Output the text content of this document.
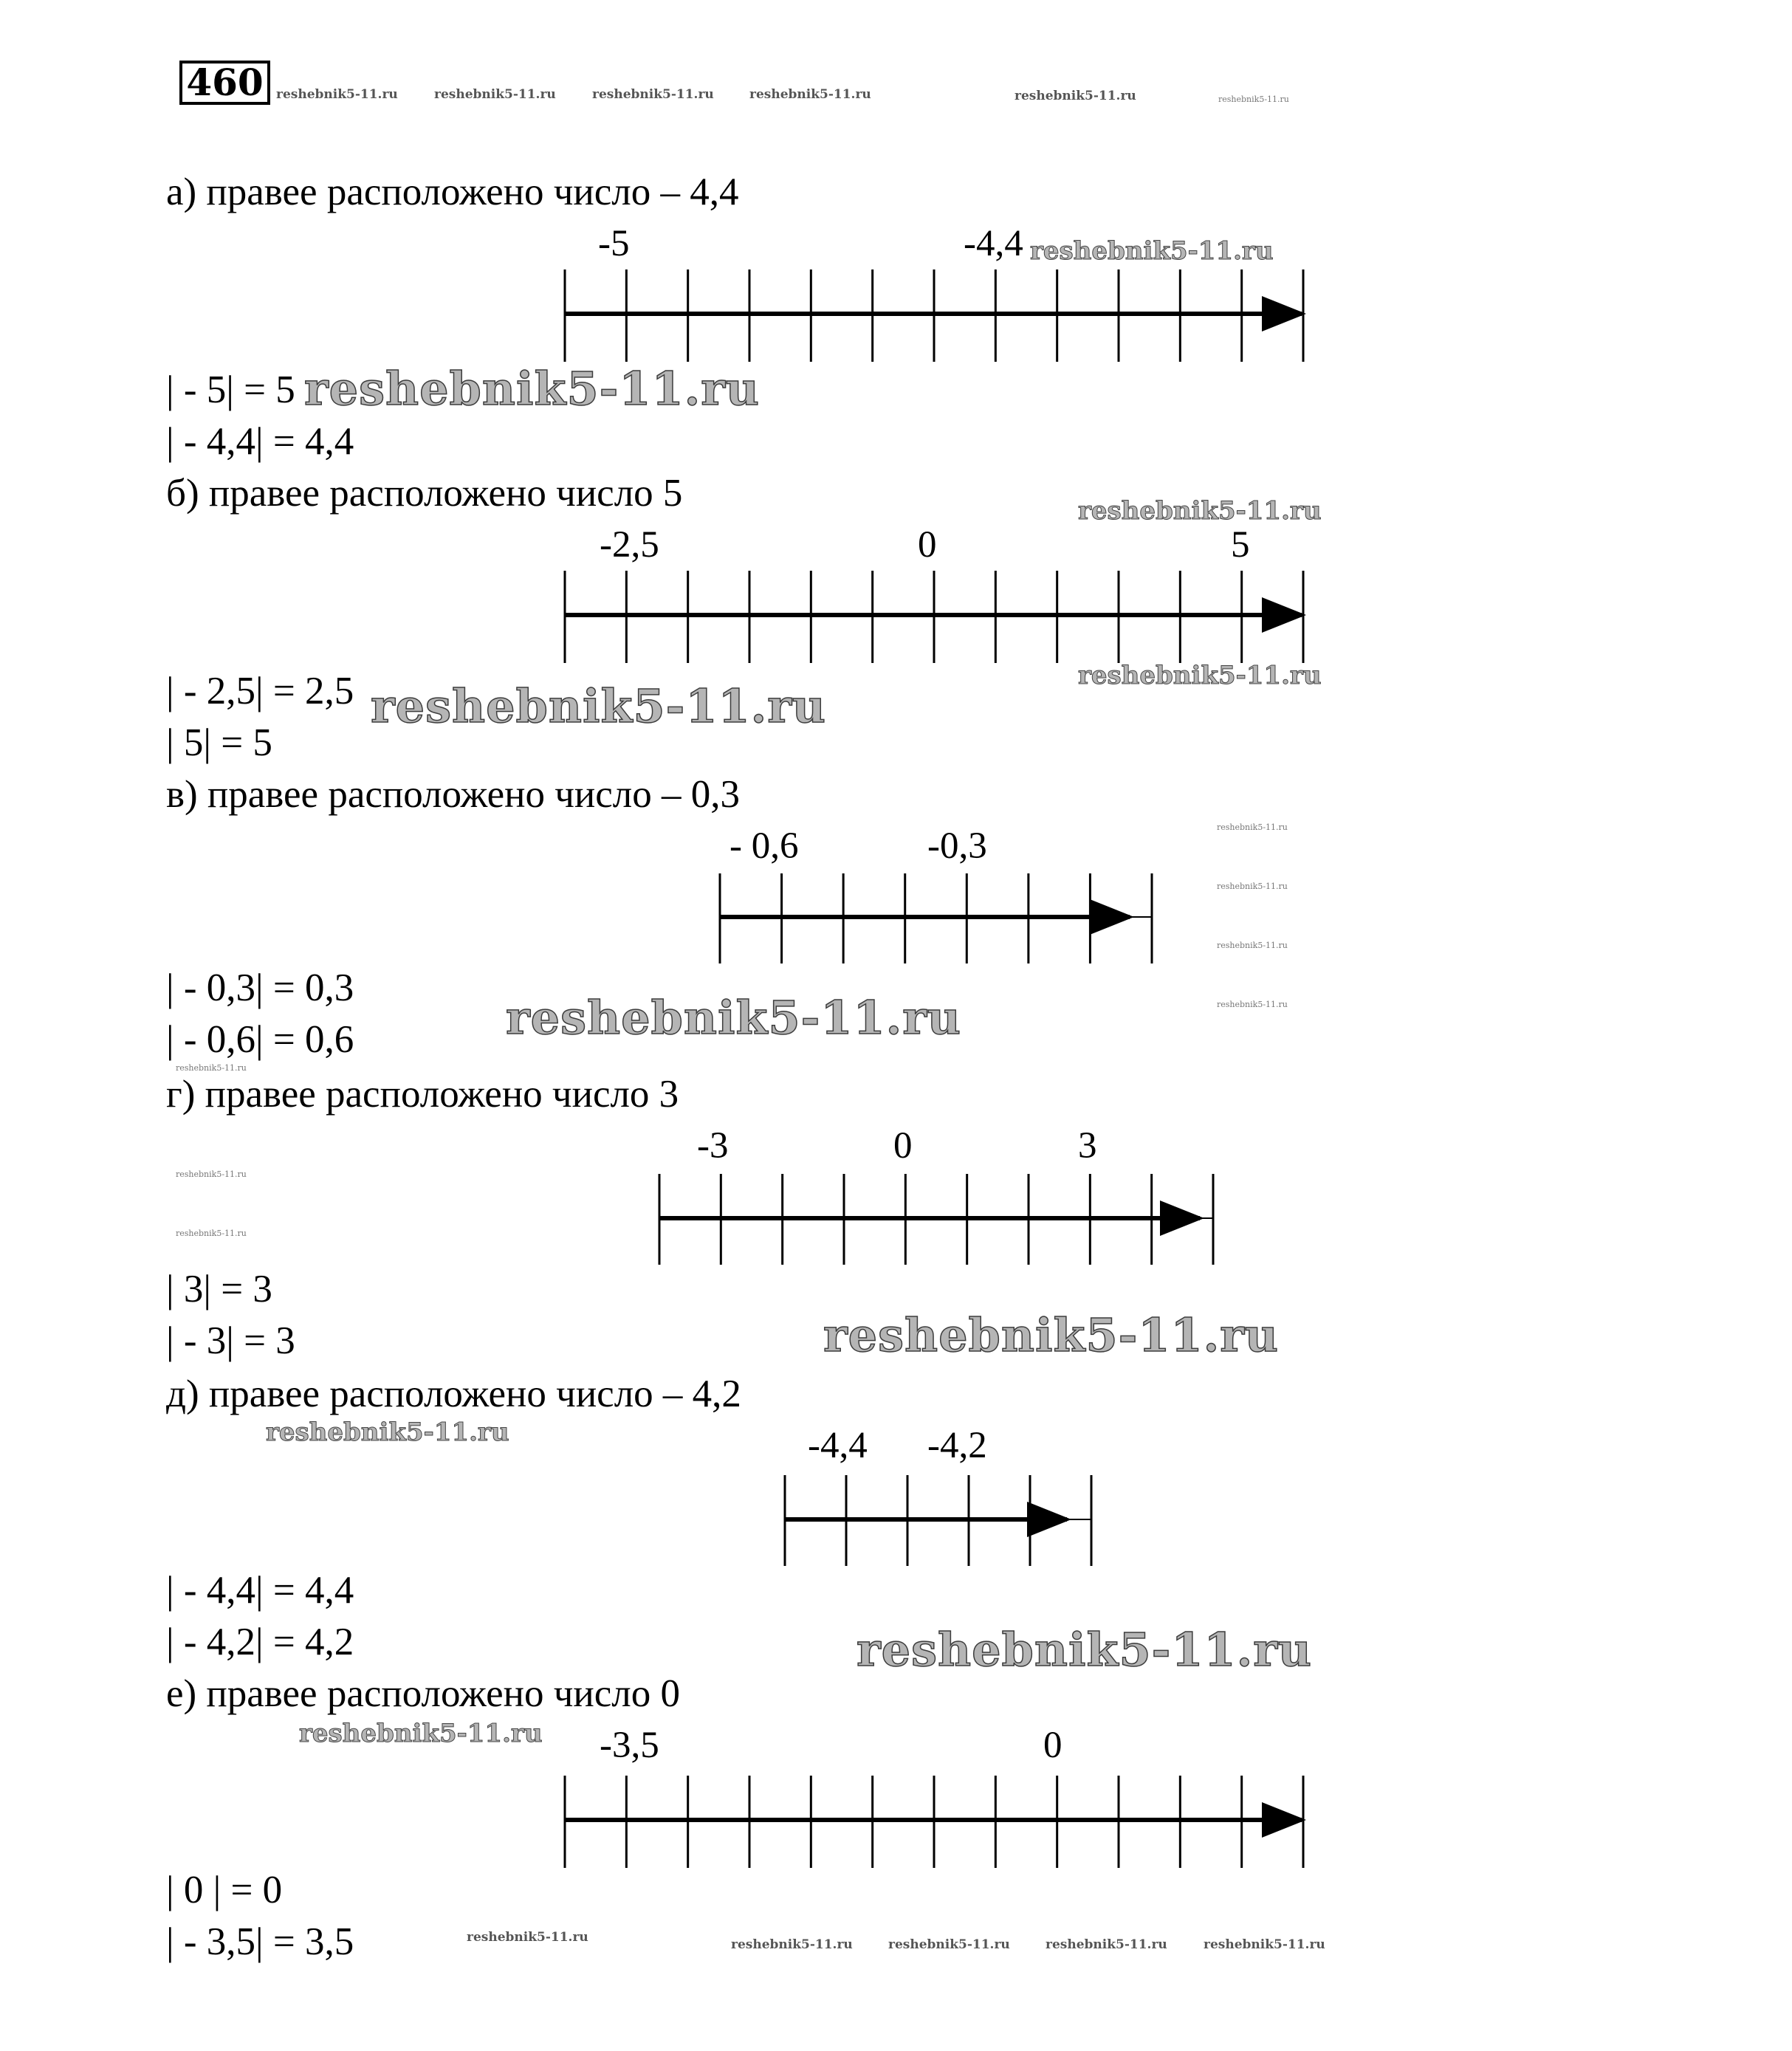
460
а) правее расположено число – 4,4
-5	-4,4
| - 5| = 5
| - 4,4| = 4,4
б) правее расположено число 5
-2,5	0	5
| - 2,5| = 2,5
| 5| = 5
в) правее расположено число – 0,3
- 0,6	-0,3
| - 0,3| = 0,3
| - 0,6| = 0,6
г) правее расположено число 3
-3	0	3
| 3| = 3
| - 3| = 3
д) правее расположено число – 4,2
-4,4 -4,2
| - 4,4| = 4,4
| - 4,2| = 4,2
е) правее расположено число 0
-3,5	0
| 0 | = 0
| - 3,5| = 3,5
reshebnik5-11.ru	reshebnik5-11.ru	reshebnik5-11.ru	reshebnik5-11.ru	reshebnik5-11.ru	reshebnik5-11.ru
reshebnik5-11.ru
reshebnik5-11.ru
reshebnik5-11.ru
reshebnik5-11.ru
reshebnik5-11.ru
reshebnik5-11.ru
reshebnik5-11.ru
reshebnik5-11.ru
reshebnik5-11.ru
reshebnik5-11.ru
reshebnik5-11.ru
reshebnik5-11.ru
reshebnik5-11.ru
reshebnik5-11.ru
reshebnik5-11.ru
reshebnik5-11.ru
reshebnik5-11.ru
reshebnik5-11.ru	reshebnik5-11.ru	reshebnik5-11.ru	reshebnik5-11.ru	reshebnik5-11.ru
